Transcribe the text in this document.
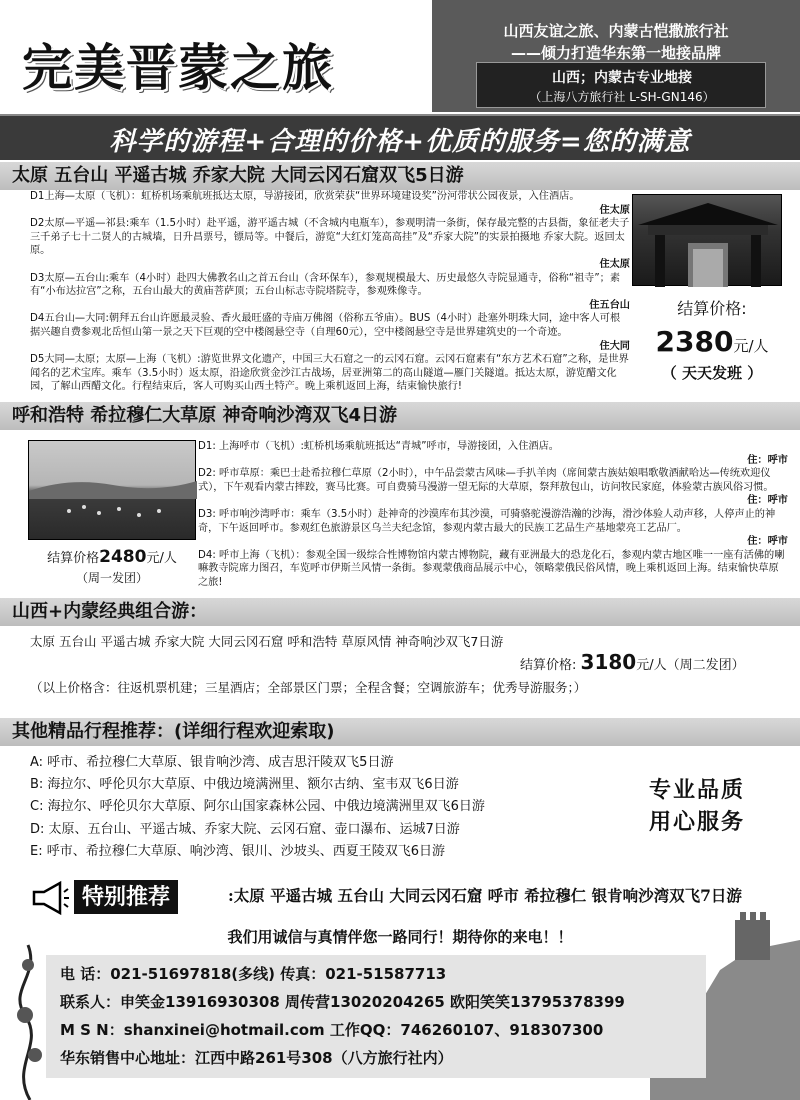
完美晋蒙之旅
山西友谊之旅、内蒙古恺撒旅行社
——倾力打造华东第一地接品牌
山西；内蒙古专业地接
（上海八方旅行社 L-SH-GN146）
科学的游程+合理的价格+优质的服务=您的满意
太原 五台山 平遥古城 乔家大院 大同云冈石窟双飞5日游

D1上海—太原（飞机）：虹桥机场乘航班抵达太原，导游接团，欣赏荣获“世界环境建设奖”汾河带状公园夜景，入住酒店。
住太原

D2太原—平遥—祁县:乘车（1.5小时）赴平遥，游平遥古城（不含城内电瓶车），参观明清一条街，保存最完整的古县衙，象征老夫子三千弟子七十二贤人的古城墙，日升昌票号，镖局等。中餐后，游览“大红灯笼高高挂”及“乔家大院”的实景拍摄地 乔家大院。返回太原。
住太原

D3太原—五台山:乘车（4小时）赴四大佛教名山之首五台山（含环保车），参观规模最大、历史最悠久寺院显通寺，俗称“祖寺”；素有“小布达拉宫”之称，五台山最大的黄庙菩萨顶；五台山标志寺院塔院寺，参观殊像寺。
住五台山

D4五台山—大同:朝拜五台山许愿最灵验、香火最旺盛的寺庙万佛阁（俗称五爷庙）。BUS（4小时）赴塞外明珠大同，途中客人可根据兴趣自费参观北岳恒山第一景之天下巨观的空中楼阁悬空寺（自理60元），空中楼阁悬空寺是世界建筑史的一个奇迹。
住大同

D5大同—太原；太原—上海（飞机）:游览世界文化遗产，中国三大石窟之一的云冈石窟。云冈石窟素有“东方艺术石窟”之称，是世界闻名的艺术宝库。乘车（3.5小时）返太原，沿途欣赏金沙江古战场，居亚洲第二的高山隧道—雁门关隧道。抵达太原，游览醋文化园，了解山西醋文化。行程结束后，客人可购买山西土特产。晚上乘机返回上海，结束愉快旅行!

结算价格:
2380元/人
（ 天天发班 ）
呼和浩特 希拉穆仁大草原 神奇响沙湾双飞4日游
结算价格2480元/人
（周一发团）

D1: 上海呼市（飞机）:虹桥机场乘航班抵达“青城”呼市，导游接团，入住酒店。
住：呼市

D2: 呼市草原：乘巴士赴希拉穆仁草原（2小时），中午品尝蒙古风味—手扒羊肉（席间蒙古族姑娘唱歌敬酒献哈达—传统欢迎仪式），下午观看内蒙古摔跤，赛马比赛。可自费骑马漫游一望无际的大草原，祭拜敖包山，访问牧民家庭，体验蒙古族风俗习惯。
住：呼市

D3: 呼市响沙湾呼市：乘车（3.5小时）赴神奇的沙漠库布其沙漠，可骑骆驼漫游浩瀚的沙海，滑沙体验人动声移，人停声止的神奇，下午返回呼市。参观红色旅游景区乌兰夫纪念馆，参观内蒙古最大的民族工艺品生产基地蒙亮工艺品厂。
住：呼市

D4: 呼市上海（飞机）：参观全国一级综合性博物馆内蒙古博物院，藏有亚洲最大的恐龙化石，参观内蒙古地区唯一一座有活佛的喇嘛教寺院席力图召，车览呼市伊斯兰风情一条街。参观蒙俄商品展示中心，领略蒙俄民俗风情，晚上乘机返回上海。结束愉快草原之旅!

山西+内蒙经典组合游：
太原 五台山 平遥古城 乔家大院 大同云冈石窟 呼和浩特 草原风情 神奇响沙双飞7日游
结算价格: 3180元/人（周二发团）
（以上价格含：往返机票机建；三星酒店；全部景区门票；全程含餐；空调旅游车；优秀导游服务；）
其他精品行程推荐：(详细行程欢迎索取)
A: 呼市、希拉穆仁大草原、银肯响沙湾、成吉思汗陵双飞5日游
B: 海拉尔、呼伦贝尔大草原、中俄边境满洲里、额尔古纳、室韦双飞6日游
C: 海拉尔、呼伦贝尔大草原、阿尔山国家森林公园、中俄边境满洲里双飞6日游
D: 太原、五台山、平遥古城、乔家大院、云冈石窟、壶口瀑布、运城7日游
E: 呼市、希拉穆仁大草原、响沙湾、银川、沙坡头、西夏王陵双飞6日游
专业品质
用心服务
特别推荐	:太原 平遥古城 五台山 大同云冈石窟 呼市 希拉穆仁 银肯响沙湾双飞7日游
我们用诚信与真情伴您一路同行！期待你的来电！！
电 话：021-51697818(多线) 传真：021-51587713
联系人：申笑金13916930308 周传营13020204265 欧阳笑笑13795378399
M S N：shanxinei@hotmail.com 工作QQ：746260107、918307300
华东销售中心地址：江西中路261号308（八方旅行社内）
